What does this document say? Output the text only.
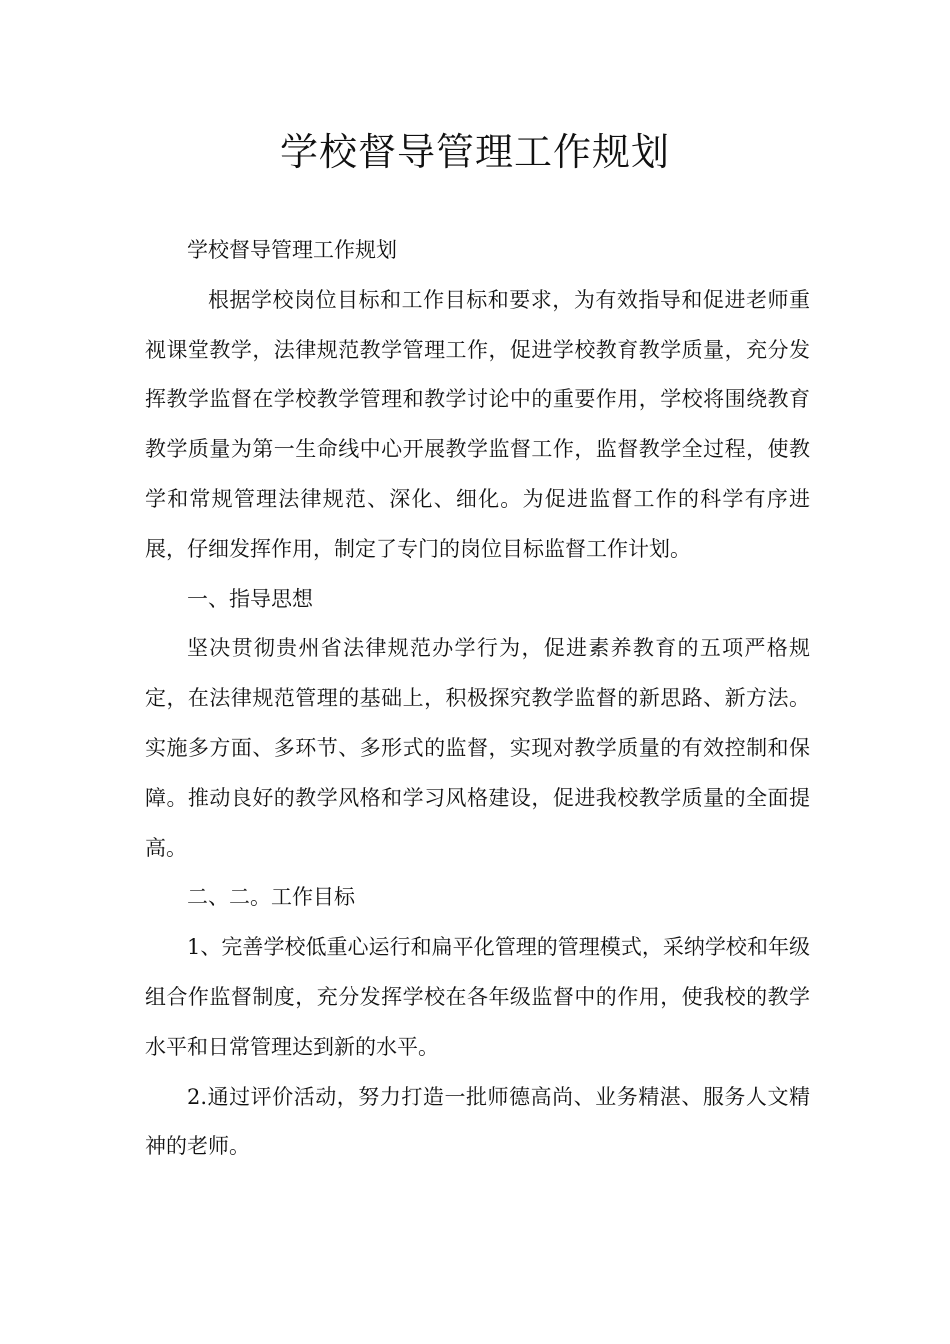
学校督导管理工作规划

学校督导管理工作规划

根据学校岗位目标和工作目标和要求，为有效指导和促进老师重视课堂教学，法律规范教学管理工作，促进学校教育教学质量，充分发挥教学监督在学校教学管理和教学讨论中的重要作用，学校将围绕教育教学质量为第一生命线中心开展教学监督工作，监督教学全过程，使教学和常规管理法律规范、深化、细化。为促进监督工作的科学有序进展，仔细发挥作用，制定了专门的岗位目标监督工作计划。

一、指导思想

坚决贯彻贵州省法律规范办学行为，促进素养教育的五项严格规定，在法律规范管理的基础上，积极探究教学监督的新思路、新方法。实施多方面、多环节、多形式的监督，实现对教学质量的有效控制和保障。推动良好的教学风格和学习风格建设，促进我校教学质量的全面提高。

二、二。工作目标

1、完善学校低重心运行和扁平化管理的管理模式，采纳学校和年级组合作监督制度，充分发挥学校在各年级监督中的作用，使我校的教学水平和日常管理达到新的水平。

2.通过评价活动，努力打造一批师德高尚、业务精湛、服务人文精神的老师。
